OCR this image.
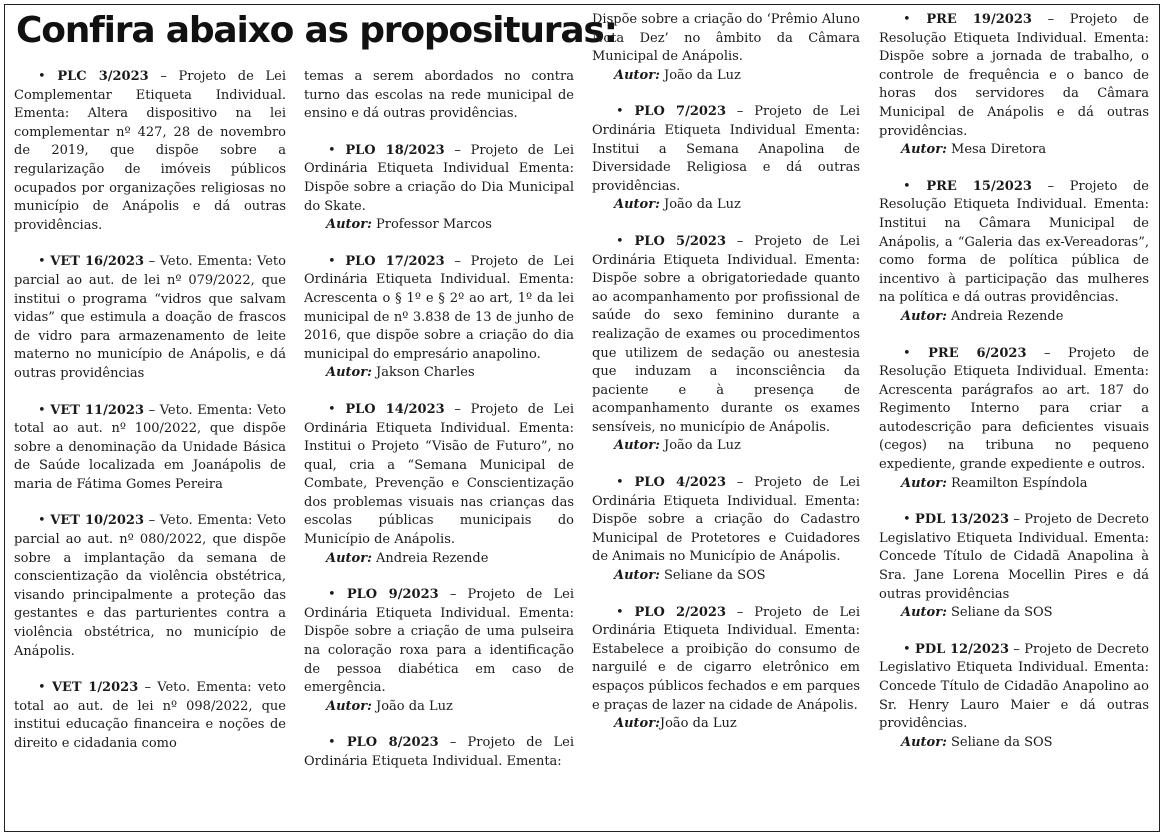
Confira abaixo as proposituras:

• PLC 3/2023 – Projeto de Lei Complementar Etiqueta Individual. Ementa: Altera dispositivo na lei complementar nº 427, 28 de novembro de 2019, que dispõe sobre a regularização de imóveis públicos ocupados por organizações religiosas no município de Anápolis e dá outras providências.

• VET 16/2023 – Veto. Ementa: Veto parcial ao aut. de lei nº 079/2022, que institui o programa “vidros que salvam vidas” que estimula a doação de frascos de vidro para armazenamento de leite materno no município de Anápolis, e dá outras providências

• VET 11/2023 – Veto. Ementa: Veto total ao aut. nº 100/2022, que dispõe sobre a denominação da Unidade Básica de Saúde localizada em Joanápolis de maria de Fátima Gomes Pereira

• VET 10/2023 – Veto. Ementa: Veto parcial ao aut. nº 080/2022, que dispõe sobre a implantação da semana de conscientização da violência obstétrica, visando principalmente a proteção das gestantes e das parturientes contra a violência obstétrica, no município de Anápolis.

• VET 1/2023 – Veto. Ementa: veto total ao aut. de lei nº 098/2022, que institui educação financeira e noções de direito e cidadania como

temas a serem abordados no contra turno das escolas na rede municipal de ensino e dá outras providências.

• PLO 18/2023 – Projeto de Lei Ordinária Etiqueta Individual Ementa: Dispõe sobre a criação do Dia Municipal do Skate.

Autor: Professor Marcos

• PLO 17/2023 – Projeto de Lei Ordinária Etiqueta Individual. Ementa: Acrescenta o § 1º e § 2º ao art, 1º da lei municipal de nº 3.838 de 13 de junho de 2016, que dispõe sobre a criação do dia municipal do empresário anapolino.

Autor: Jakson Charles

• PLO 14/2023 – Projeto de Lei Ordinária Etiqueta Individual. Ementa: Institui o Projeto “Visão de Futuro”, no qual, cria a “Semana Municipal de Combate, Prevenção e Conscientização dos problemas visuais nas crianças das escolas públicas municipais do Município de Anápolis.

Autor: Andreia Rezende

• PLO 9/2023 – Projeto de Lei Ordinária Etiqueta Individual. Ementa: Dispõe sobre a criação de uma pulseira na coloração roxa para a identificação de pessoa diabética em caso de emergência.

Autor: João da Luz

• PLO 8/2023 – Projeto de Lei Ordinária Etiqueta Individual. Ementa:

Dispõe sobre a criação do ‘Prêmio Aluno Nota Dez’ no âmbito da Câmara Municipal de Anápolis.

Autor: João da Luz

• PLO 7/2023 – Projeto de Lei Ordinária Etiqueta Individual Ementa: Institui a Semana Anapolina de Diversidade Religiosa e dá outras providências.

Autor: João da Luz

• PLO 5/2023 – Projeto de Lei Ordinária Etiqueta Individual. Ementa: Dispõe sobre a obrigatoriedade quanto ao acompanhamento por profissional de saúde do sexo feminino durante a realização de exames ou procedimentos que utilizem de sedação ou anestesia que induzam a inconsciência da paciente e à presença de acompanhamento durante os exames sensíveis, no município de Anápolis.

Autor: João da Luz

• PLO 4/2023 – Projeto de Lei Ordinária Etiqueta Individual. Ementa: Dispõe sobre a criação do Cadastro Municipal de Protetores e Cuidadores de Animais no Município de Anápolis.

Autor: Seliane da SOS

• PLO 2/2023 – Projeto de Lei Ordinária Etiqueta Individual. Ementa: Estabelece a proibição do consumo de narguilé e de cigarro eletrônico em espaços públicos fechados e em parques e praças de lazer na cidade de Anápolis.

Autor:João da Luz

• PRE 19/2023 – Projeto de Resolução Etiqueta Individual. Ementa: Dispõe sobre a jornada de trabalho, o controle de frequência e o banco de horas dos servidores da Câmara Municipal de Anápolis e dá outras providências.

Autor: Mesa Diretora

• PRE 15/2023 – Projeto de Resolução Etiqueta Individual. Ementa: Institui na Câmara Municipal de Anápolis, a “Galeria das ex-Vereadoras”, como forma de política pública de incentivo à participação das mulheres na política e dá outras providências.

Autor: Andreia Rezende

• PRE 6/2023 – Projeto de Resolução Etiqueta Individual. Ementa: Acrescenta parágrafos ao art. 187 do Regimento Interno para criar a autodescrição para deficientes visuais (cegos) na tribuna no pequeno expediente, grande expediente e outros.

Autor: Reamilton Espíndola

• PDL 13/2023 – Projeto de Decreto Legislativo Etiqueta Individual. Ementa: Concede Título de Cidadã Anapolina à Sra. Jane Lorena Mocellin Pires e dá outras providências

Autor: Seliane da SOS

• PDL 12/2023 – Projeto de Decreto Legislativo Etiqueta Individual. Ementa: Concede Título de Cidadão Anapolino ao Sr. Henry Lauro Maier e dá outras providências.

Autor: Seliane da SOS
